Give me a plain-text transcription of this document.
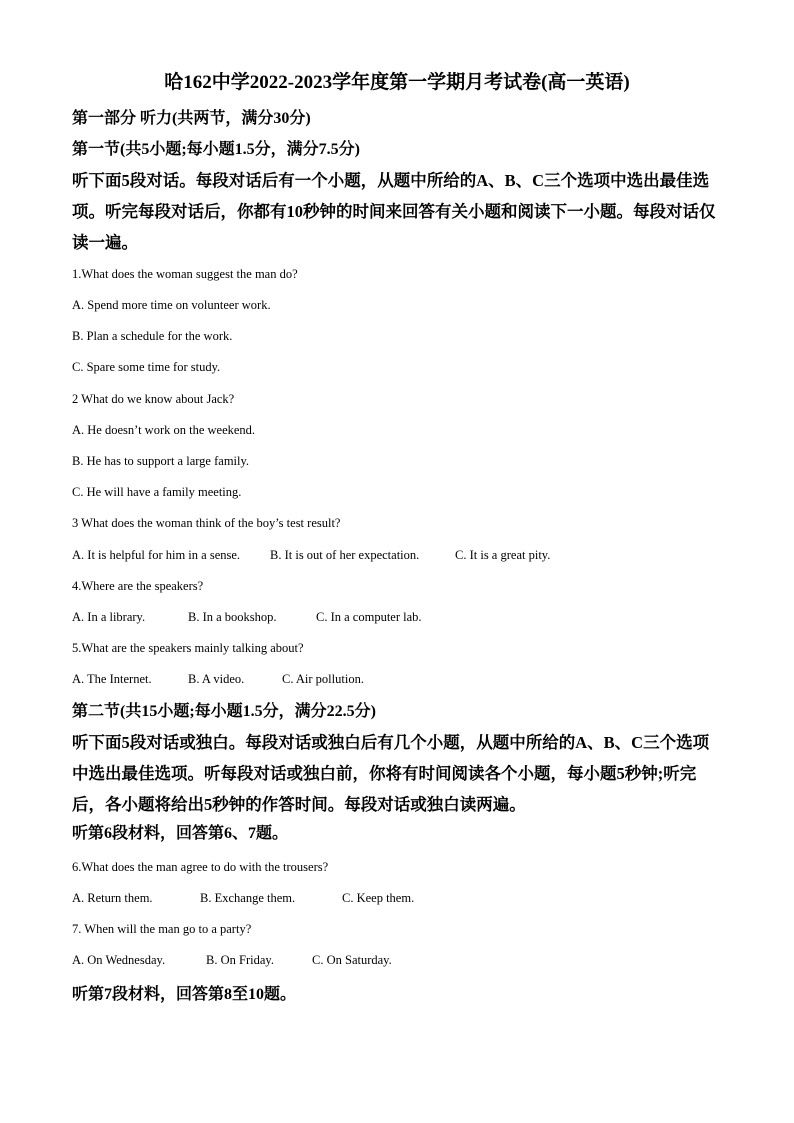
哈162中学2022-2023学年度第一学期月考试卷(高一英语)
第一部分 听力(共两节，满分30分)
第一节(共5小题;每小题1.5分，满分7.5分)

听下面5段对话。每段对话后有一个小题，从题中所给的A、B、C三个选项中选出最佳选项。听完每段对话后，你都有10秒钟的时间来回答有关小题和阅读下一小题。每段对话仅读一遍。

1.What does the woman suggest the man do?
A. Spend more time on volunteer work.
B. Plan a schedule for the work.
C. Spare some time for study.
2 What do we know about Jack?
A. He doesn’t work on the weekend.
B. He has to support a large family.
C. He will have a family meeting.
3 What does the woman think of the boy’s test result?
A. It is helpful for him in a sense. B. It is out of her expectation.	C. It is a great pity.
4.Where are the speakers?
A. In a library.	B. In a bookshop.	C. In a computer lab.
5.What are the speakers mainly talking about?
A. The Internet.	B. A video.	C. Air pollution.
第二节(共15小题;每小题1.5分，满分22.5分)

听下面5段对话或独白。每段对话或独白后有几个小题，从题中所给的A、B、C三个选项中选出最佳选项。听每段对话或独白前，你将有时间阅读各个小题，每小题5秒钟;听完后，各小题将给出5秒钟的作答时间。每段对话或独白读两遍。

听第6段材料，回答第6、7题。
6.What does the man agree to do with the trousers?
A. Return them.	B. Exchange them.	C. Keep them.
7. When will the man go to a party?
A. On Wednesday.	B. On Friday.	C. On Saturday.
听第7段材料，回答第8至10题。
